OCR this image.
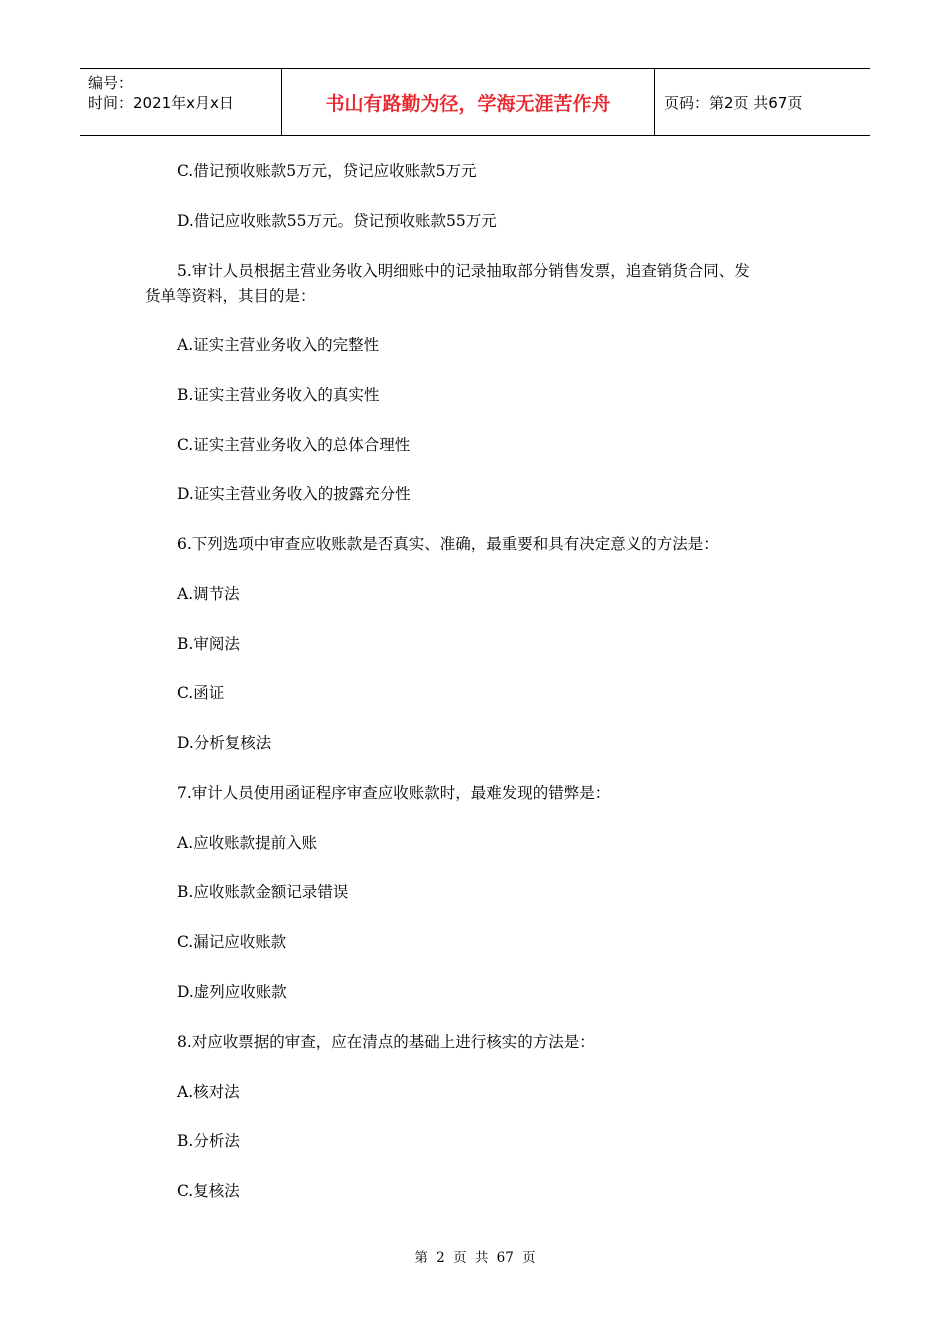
编号：
时间：2021年x月x日	书山有路勤为径，学海无涯苦作舟	页码：第2页 共67页
C.借记预收账款5万元，贷记应收账款5万元
D.借记应收账款55万元。贷记预收账款55万元
5.审计人员根据主营业务收入明细账中的记录抽取部分销售发票，追查销货合同、发
货单等资料，其目的是：
A.证实主营业务收入的完整性
B.证实主营业务收入的真实性
C.证实主营业务收入的总体合理性
D.证实主营业务收入的披露充分性
6.下列选项中审查应收账款是否真实、准确，最重要和具有决定意义的方法是：
A.调节法
B.审阅法
C.函证
D.分析复核法
7.审计人员使用函证程序审查应收账款时，最难发现的错弊是：
A.应收账款提前入账
B.应收账款金额记录错误
C.漏记应收账款
D.虚列应收账款
8.对应收票据的审查，应在清点的基础上进行核实的方法是：
A.核对法
B.分析法
C.复核法
第 2 页 共 67 页
